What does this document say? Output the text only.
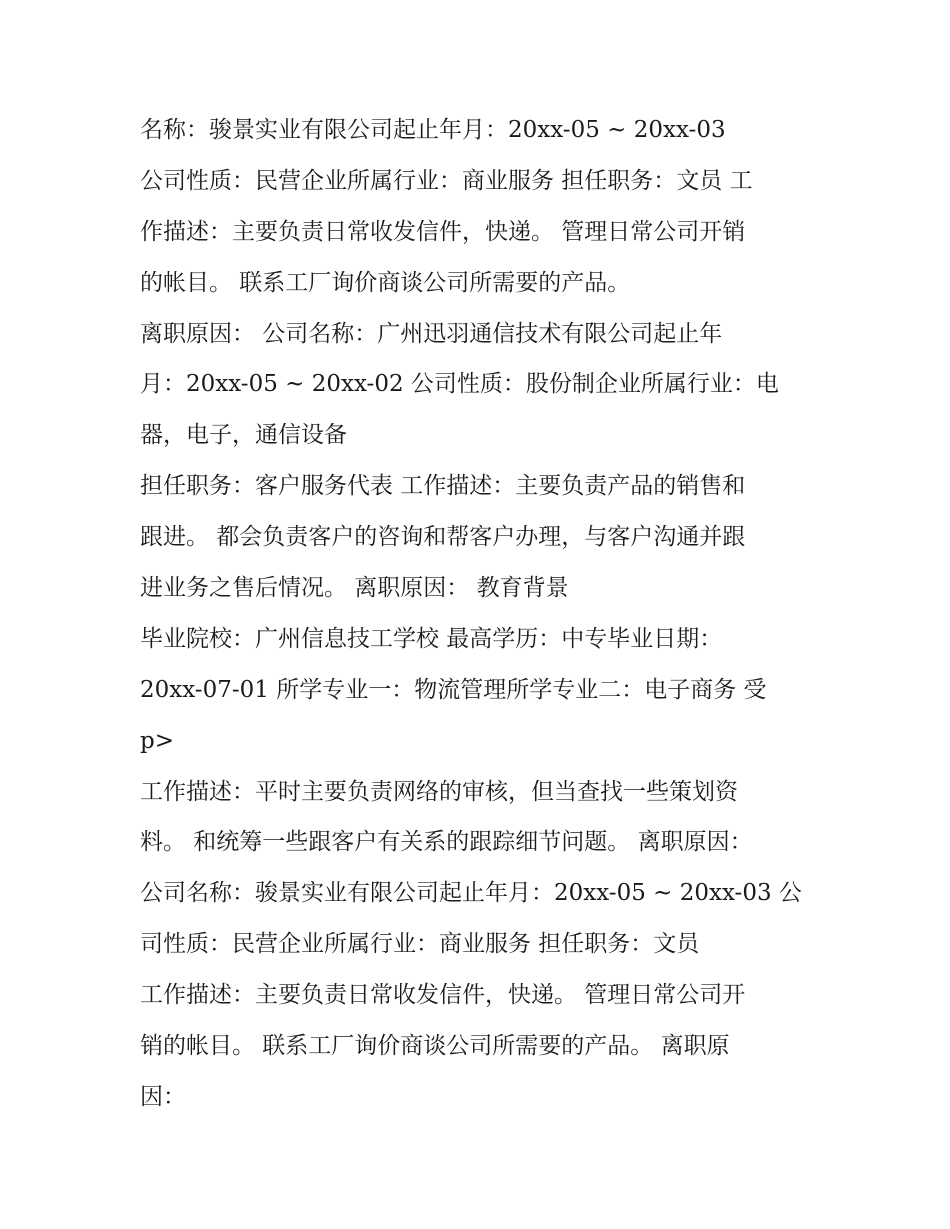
名称：骏景实业有限公司起止年月：20xx-05 ~ 20xx-03
公司性质：民营企业所属行业：商业服务 担任职务：文员 工
作描述：主要负责日常收发信件，快递。 管理日常公司开销
的帐目。 联系工厂询价商谈公司所需要的产品。
离职原因： 公司名称：广州迅羽通信技术有限公司起止年
月：20xx-05 ~ 20xx-02 公司性质：股份制企业所属行业：电
器，电子，通信设备
担任职务：客户服务代表 工作描述：主要负责产品的销售和
跟进。 都会负责客户的咨询和帮客户办理，与客户沟通并跟
进业务之售后情况。 离职原因： 教育背景
毕业院校：广州信息技工学校 最高学历：中专毕业日期：
20xx-07-01 所学专业一：物流管理所学专业二：电子商务 受
p>
工作描述：平时主要负责网络的审核，但当查找一些策划资
料。 和统筹一些跟客户有关系的跟踪细节问题。 离职原因：
公司名称：骏景实业有限公司起止年月：20xx-05 ~ 20xx-03 公
司性质：民营企业所属行业：商业服务 担任职务：文员
工作描述：主要负责日常收发信件，快递。 管理日常公司开
销的帐目。 联系工厂询价商谈公司所需要的产品。 离职原
因：
